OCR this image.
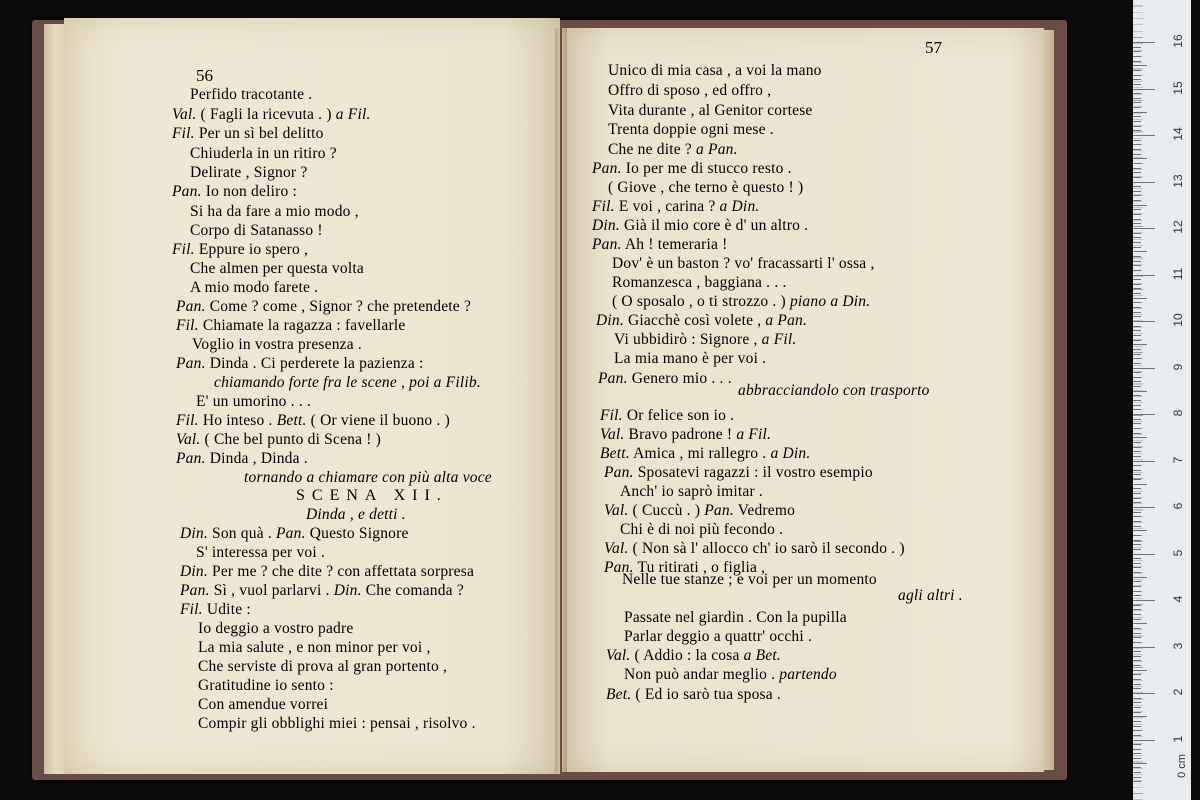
56
57
Perfido tracotante .
Val. ( Fagli la ricevuta . ) a Fil.
Fil. Per un sì bel delitto
Chiuderla in un ritiro ?
Delirate , Signor ?
Pan. Io non deliro :
Si ha da fare a mio modo ,
Corpo di Satanasso !
Fil. Eppure io spero ,
Che almen per questa volta
A mio modo farete .
Pan. Come ? come , Signor ? che pretendete ?
Fil. Chiamate la ragazza : favellarle
Voglio in vostra presenza .
Pan. Dinda . Ci perderete la pazienza :
chiamando forte fra le scene , poi a Filib.
E' un umorino . . .
Fil. Ho inteso . Bett. ( Or viene il buono . )
Val. ( Che bel punto di Scena ! )
Pan. Dinda , Dinda .
tornando a chiamare con più alta voce
SCENA XII.
Dinda , e detti .
Din. Son quà . Pan. Questo Signore
S' interessa per voi .
Din. Per me ? che dite ? con affettata sorpresa
Pan. Sì , vuol parlarvi . Din. Che comanda ?
Fil. Udite :
Io deggio a vostro padre
La mia salute , e non minor per voi ,
Che serviste di prova al gran portento ,
Gratitudine io sento :
Con amendue vorrei
Compir gli obblighi miei : pensai , risolvo .
Unico di mia casa , a voi la mano
Offro di sposo , ed offro ,
Vita durante , al Genitor cortese
Trenta doppie ogni mese .
Che ne dite ? a Pan.
Pan. Io per me di stucco resto .
( Giove , che terno è questo ! )
Fil. E voi , carina ? a Din.
Din. Già il mio core è d' un altro .
Pan. Ah ! temeraria !
Dov' è un baston ? vo' fracassarti l' ossa ,
Romanzesca , baggiana . . .
( O sposalo , o ti strozzo . ) piano a Din.
Din. Giacchè così volete , a Pan.
Vi ubbidirò : Signore , a Fil.
La mia mano è per voi .
Pan. Genero mio . . .
abbracciandolo con trasporto
Fil. Or felice son io .
Val. Bravo padrone ! a Fil.
Bett. Amica , mi rallegro . a Din.
Pan. Sposatevi ragazzi : il vostro esempio
Anch' io saprò imitar .
Val. ( Cuccù . ) Pan. Vedremo
Chi è di noi più fecondo .
Val. ( Non sà l' allocco ch' io sarò il secondo . )
Pan. Tu ritirati , o figlia ,
Nelle tue stanze ; e voi per un momento
agli altri .
Passate nel giardin . Con la pupilla
Parlar deggio a quattr' occhi .
Val. ( Addio : la cosa a Bet.
Non può andar meglio . partendo
Bet. ( Ed io sarò tua sposa .
16
15
14
13
12
11
10
9
8
7
6
5
4
3
2
1
0 cm
